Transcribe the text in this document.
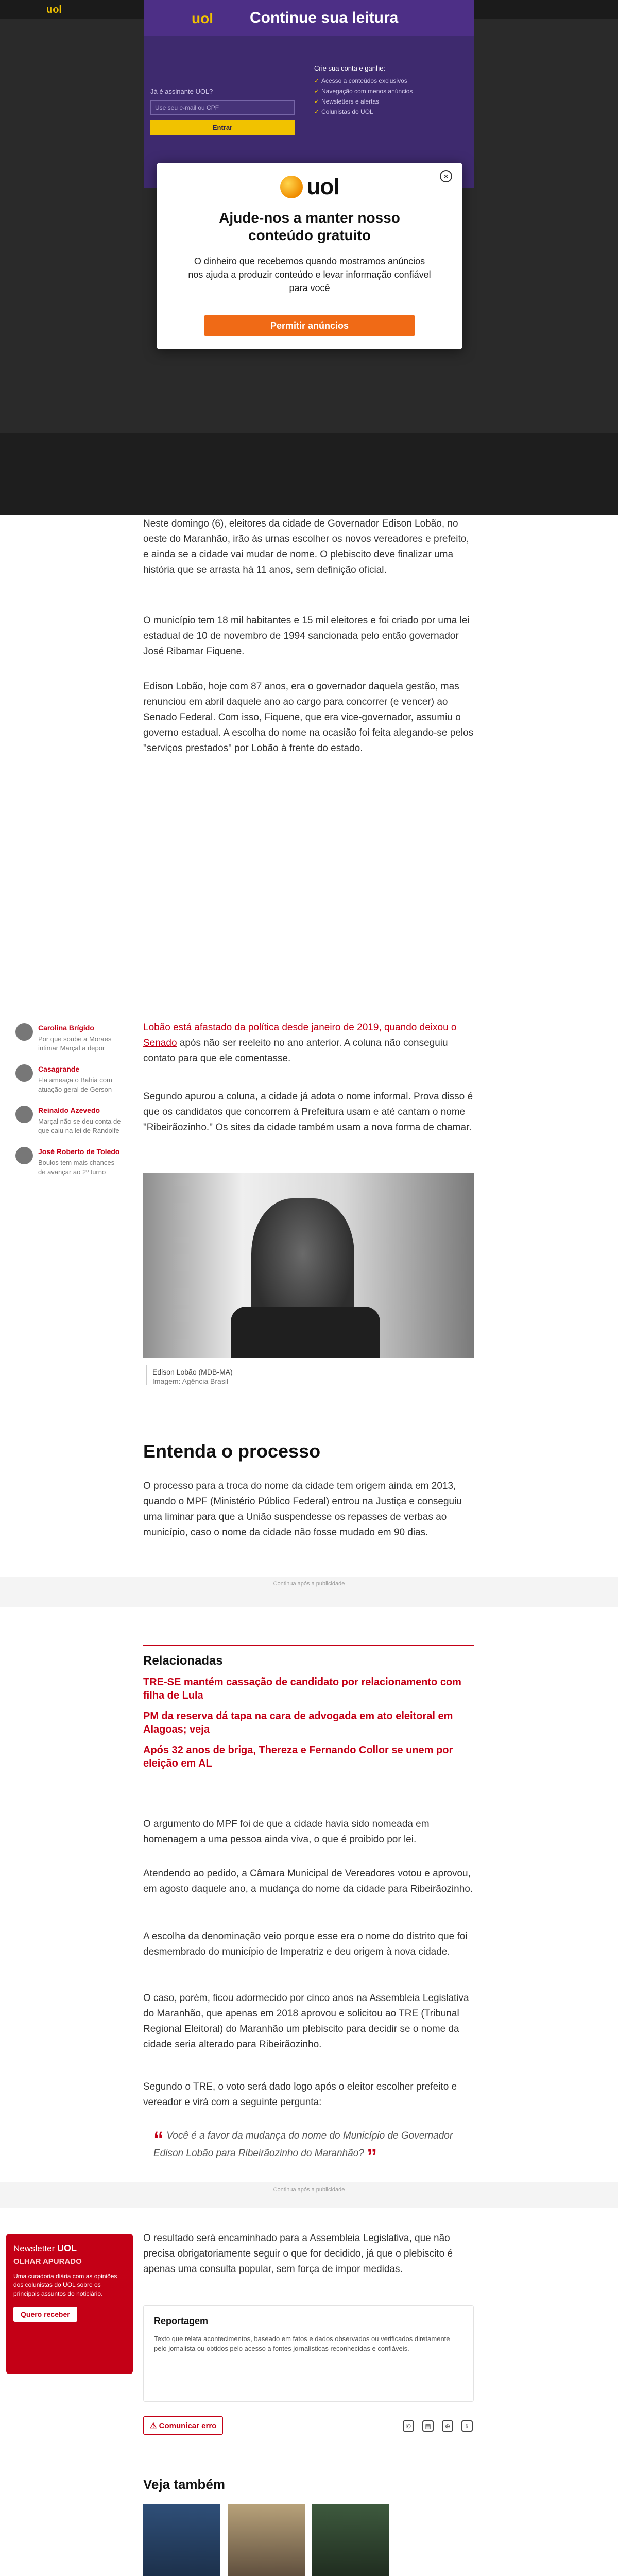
uol
uol Continue sua leitura
Já é assinante UOL?
Use seu e-mail ou CPF
Entrar
Crie sua conta e ganhe:
✓ Acesso a conteúdos exclusivos
✓ Navegação com menos anúncios
✓ Newsletters e alertas
✓ Colunistas do UOL
×
uol
Ajude-nos a manter nosso conteúdo gratuito
O dinheiro que recebemos quando mostramos anúncios nos ajuda a produzir conteúdo e levar informação confiável para você
Permitir anúncios

Neste domingo (6), eleitores da cidade de Governador Edison Lobão, no oeste do Maranhão, irão às urnas escolher os novos vereadores e prefeito, e ainda se a cidade vai mudar de nome. O plebiscito deve finalizar uma história que se arrasta há 11 anos, sem definição oficial.

O município tem 18 mil habitantes e 15 mil eleitores e foi criado por uma lei estadual de 10 de novembro de 1994 sancionada pelo então governador José Ribamar Fiquene.

Edison Lobão, hoje com 87 anos, era o governador daquela gestão, mas renunciou em abril daquele ano ao cargo para concorrer (e vencer) ao Senado Federal. Com isso, Fiquene, que era vice-governador, assumiu o governo estadual. A escolha do nome na ocasião foi feita alegando-se pelos "serviços prestados" por Lobão à frente do estado.

Lobão está afastado da política desde janeiro de 2019, quando deixou o Senado após não ser reeleito no ano anterior. A coluna não conseguiu contato para que ele comentasse.

Segundo apurou a coluna, a cidade já adota o nome informal. Prova disso é que os candidatos que concorrem à Prefeitura usam e até cantam o nome "Ribeirãozinho." Os sites da cidade também usam a nova forma de chamar.

Carolina Brígido
Por que soube a Moraes intimar Marçal a depor
Casagrande
Fla ameaça o Bahia com atuação geral de Gerson
Reinaldo Azevedo
Marçal não se deu conta de que caiu na lei de Randolfe
José Roberto de Toledo
Boulos tem mais chances de avançar ao 2º turno
Edison Lobão (MDB-MA)
Imagem: Agência Brasil
Entenda o processo

O processo para a troca do nome da cidade tem origem ainda em 2013, quando o MPF (Ministério Público Federal) entrou na Justiça e conseguiu uma liminar para que a União suspendesse os repasses de verbas ao município, caso o nome da cidade não fosse mudado em 90 dias.

Continua após a publicidade
Relacionadas
TRE-SE mantém cassação de candidato por relacionamento com filha de Lula
PM da reserva dá tapa na cara de advogada em ato eleitoral em Alagoas; veja
Após 32 anos de briga, Thereza e Fernando Collor se unem por eleição em AL

O argumento do MPF foi de que a cidade havia sido nomeada em homenagem a uma pessoa ainda viva, o que é proibido por lei.

Atendendo ao pedido, a Câmara Municipal de Vereadores votou e aprovou, em agosto daquele ano, a mudança do nome da cidade para Ribeirãozinho.

A escolha da denominação veio porque esse era o nome do distrito que foi desmembrado do município de Imperatriz e deu origem à nova cidade.

O caso, porém, ficou adormecido por cinco anos na Assembleia Legislativa do Maranhão, que apenas em 2018 aprovou e solicitou ao TRE (Tribunal Regional Eleitoral) do Maranhão um plebiscito para decidir se o nome da cidade seria alterado para Ribeirãozinho.

Segundo o TRE, o voto será dado logo após o eleitor escolher prefeito e vereador e virá com a seguinte pergunta:

“ Você é a favor da mudança do nome do Município de Governador Edison Lobão para Ribeirãozinho do Maranhão? ”
Continua após a publicidade
Newsletter UOL
OLHAR APURADO
Uma curadoria diária com as opiniões dos colunistas do UOL sobre os principais assuntos do noticiário.
Quero receber

O resultado será encaminhado para a Assembleia Legislativa, que não precisa obrigatoriamente seguir o que for decidido, já que o plebiscito é apenas uma consulta popular, sem força de impor medidas.

Reportagem
Texto que relata acontecimentos, baseado em fatos e dados observados ou verificados diretamente pelo jornalista ou obtidos pelo acesso a fontes jornalísticas reconhecidas e confiáveis.
⚠ Comunicar erro	✆	▤	⊕	⇪
Veja também
